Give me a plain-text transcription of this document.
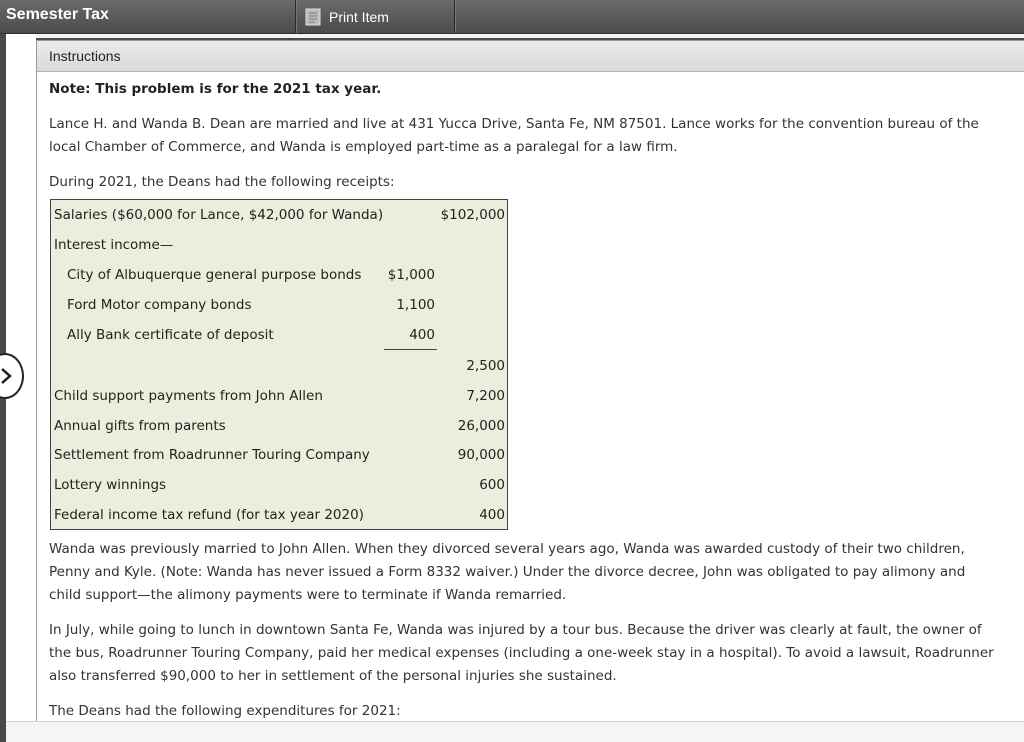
Semester Tax	Print Item
Instructions
Note: This problem is for the 2021 tax year.
Lance H. and Wanda B. Dean are married and live at 431 Yucca Drive, Santa Fe, NM 87501. Lance works for the convention bureau of the local Chamber of Commerce, and Wanda is employed part-time as a paralegal for a law firm.
During 2021, the Deans had the following receipts:
Wanda was previously married to John Allen. When they divorced several years ago, Wanda was awarded custody of their two children, Penny and Kyle. (Note: Wanda has never issued a Form 8332 waiver.) Under the divorce decree, John was obligated to pay alimony and child support—the alimony payments were to terminate if Wanda remarried.
In July, while going to lunch in downtown Santa Fe, Wanda was injured by a tour bus. Because the driver was clearly at fault, the owner of the bus, Roadrunner Touring Company, paid her medical expenses (including a one-week stay in a hospital). To avoid a lawsuit, Roadrunner also transferred $90,000 to her in settlement of the personal injuries she sustained.
The Deans had the following expenditures for 2021:
Salaries ($60,000 for Lance, $42,000 for Wanda)	$102,000
Interest income—
City of Albuquerque general purpose bonds	$1,000
Ford Motor company bonds	1,100
Ally Bank certificate of deposit	400
2,500
Child support payments from John Allen	7,200
Annual gifts from parents	26,000
Settlement from Roadrunner Touring Company	90,000
Lottery winnings	600
Federal income tax refund (for tax year 2020)	400
